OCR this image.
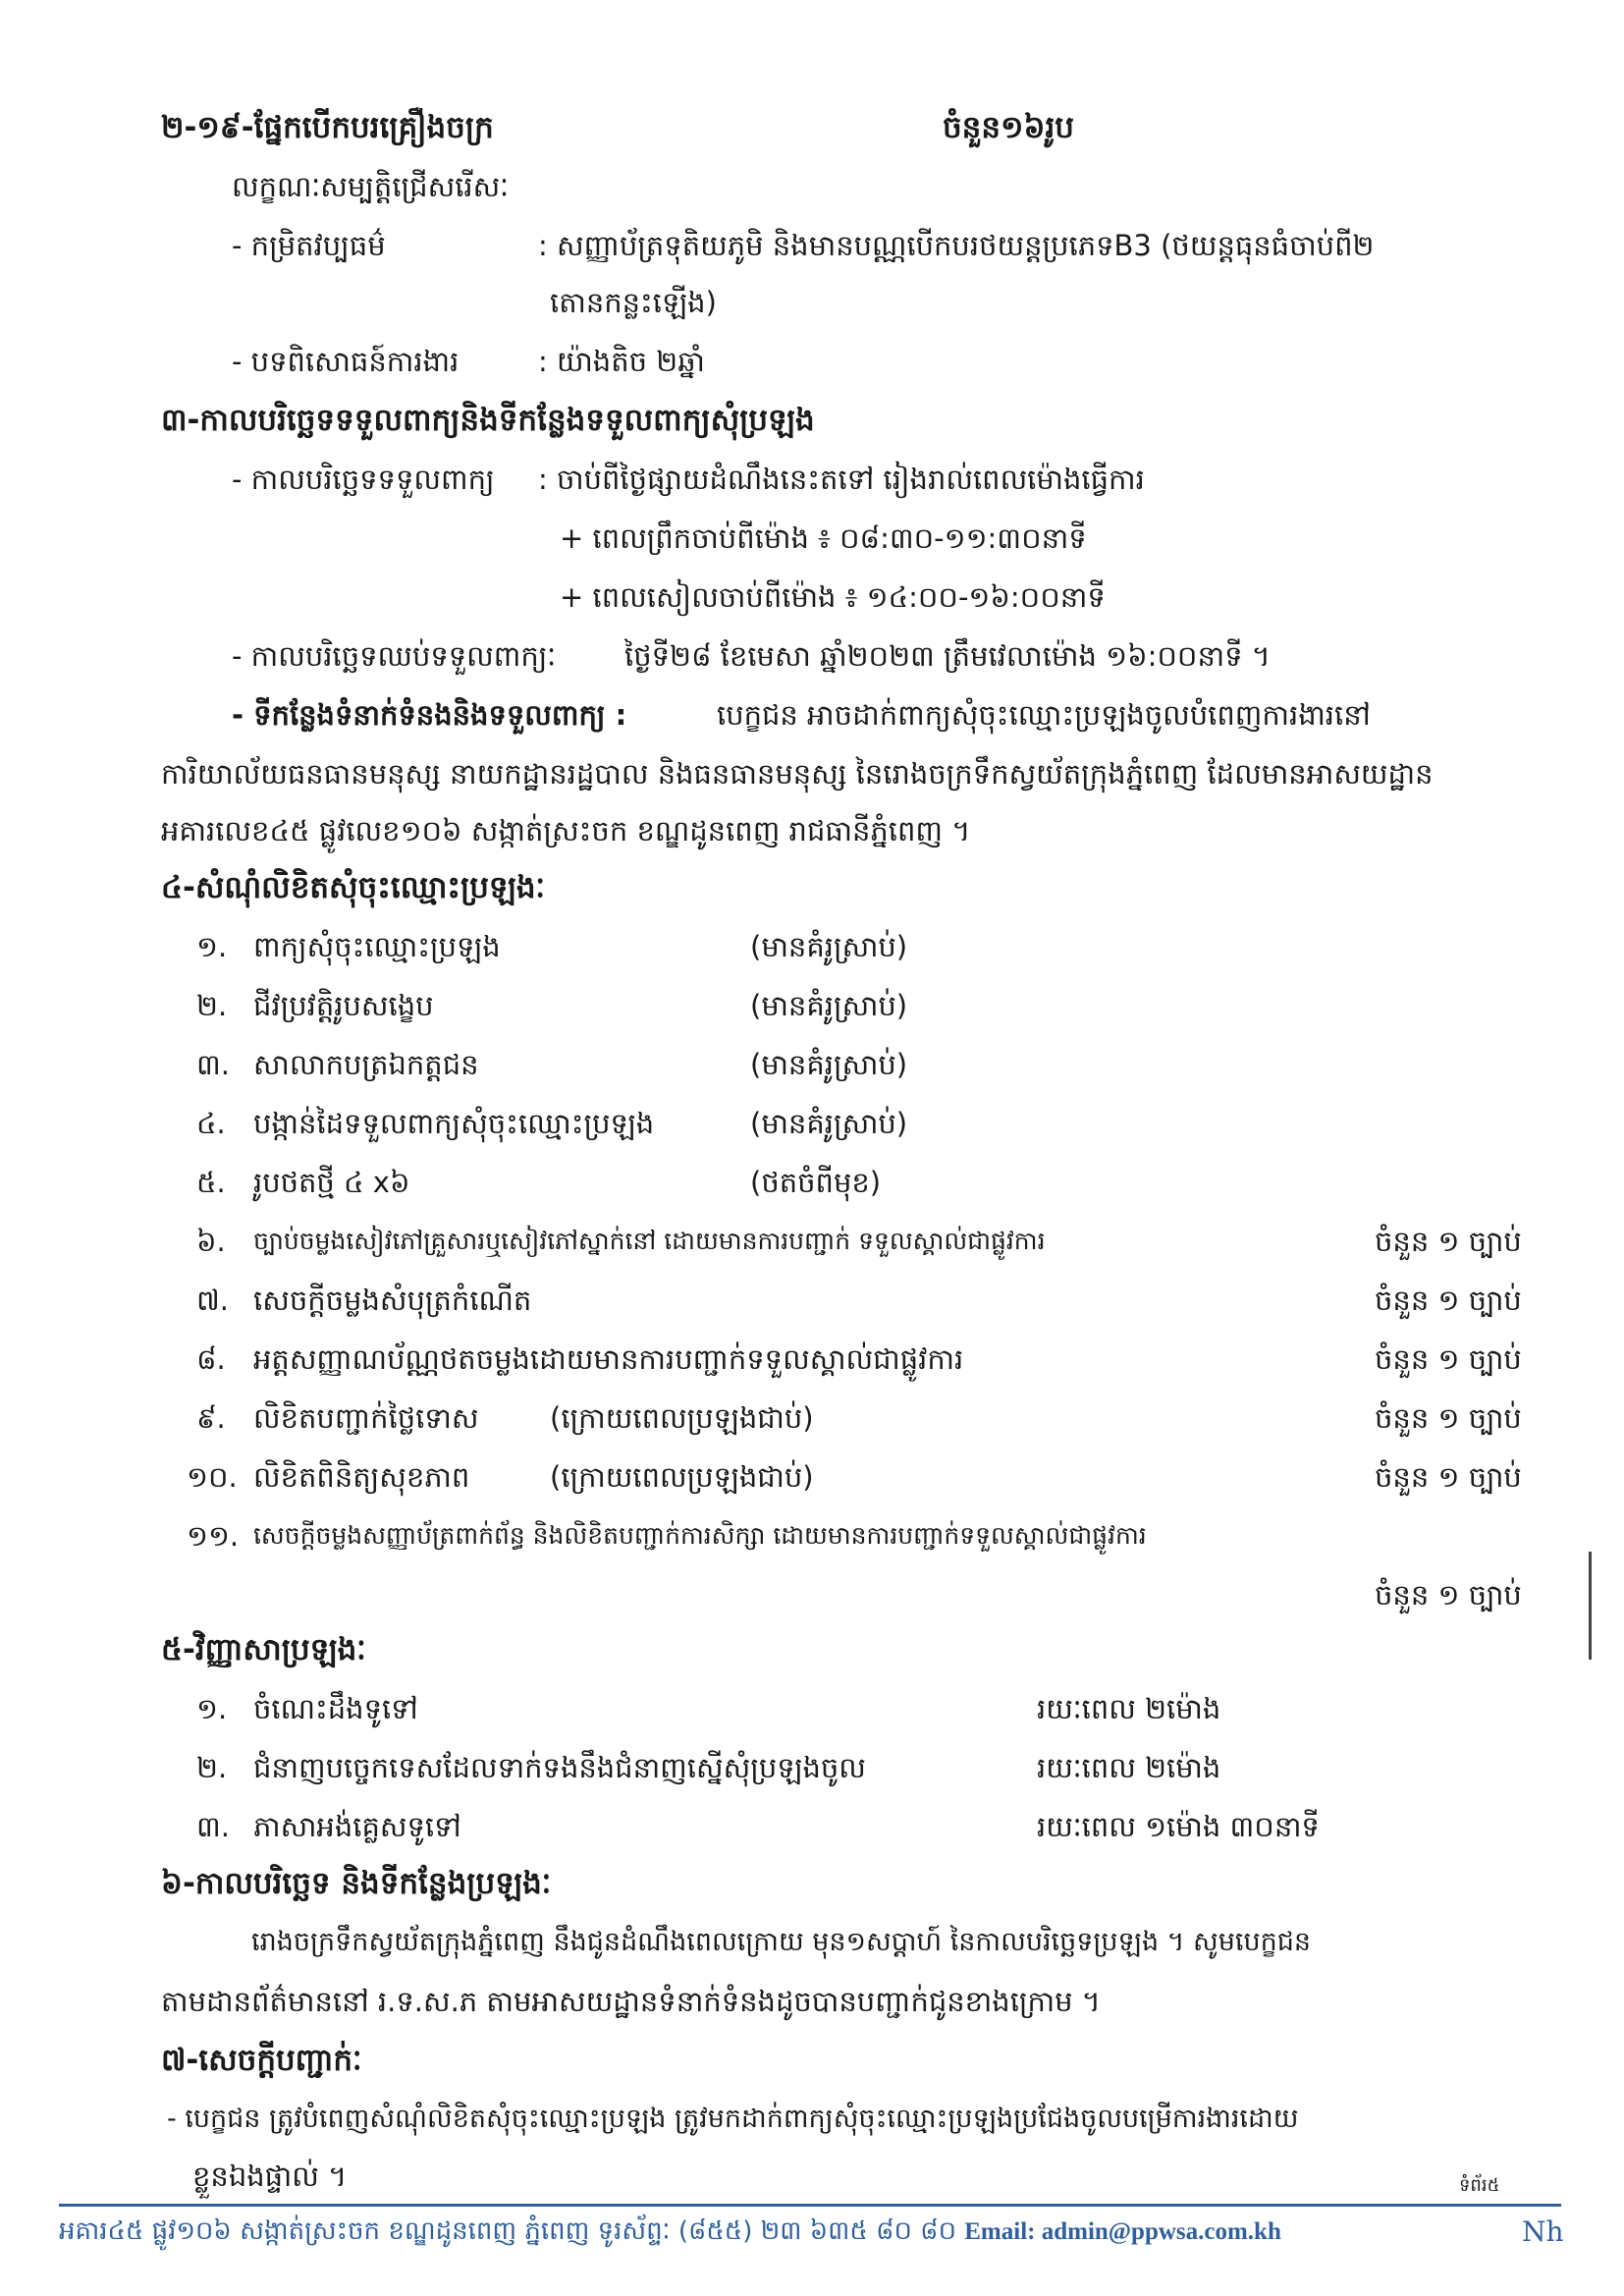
២-១៩-ផ្នែកបើកបរគ្រឿងចក្រ	ចំនួន១៦រូប
លក្ខណៈសម្បត្តិជ្រើសរើសៈ
- កម្រិតវប្បធម៌	: សញ្ញាប័ត្រទុតិយភូមិ និងមានបណ្ណបើកបរថយន្តប្រភេទB3 (ថយន្តធុនធំចាប់ពី២
តោនកន្លះឡើង)
- បទពិសោធន៍ការងារ	: យ៉ាងតិច ២ឆ្នាំ
៣-កាលបរិច្ឆេទទទួលពាក្យនិងទីកន្លែងទទួលពាក្យសុំប្រឡង
- កាលបរិច្ឆេទទទួលពាក្យ : ចាប់ពីថ្ងៃផ្សាយដំណឹងនេះតទៅ រៀងរាល់ពេលម៉ោងធ្វើការ
+ ពេលព្រឹកចាប់ពីម៉ោង ៖ ០៨:៣០-១១:៣០នាទី
+ ពេលសៀលចាប់ពីម៉ោង ៖ ១៤:០០-១៦:០០នាទី
- កាលបរិច្ឆេទឈប់ទទួលពាក្យៈ ថ្ងៃទី២៨ ខែមេសា ឆ្នាំ២០២៣ ត្រឹមវេលាម៉ោង ១៦:០០នាទី ។
- ទីកន្លែងទំនាក់ទំនងនិងទទួលពាក្យ :	បេក្ខជន អាចដាក់ពាក្យសុំចុះឈ្មោះប្រឡងចូលបំពេញការងារនៅ
ការិយាល័យធនធានមនុស្ស នាយកដ្ឋានរដ្ឋបាល និងធនធានមនុស្ស នៃរោងចក្រទឹកស្វយ័តក្រុងភ្នំពេញ ដែលមានអាសយដ្ឋាន
អគារលេខ៤៥ ផ្លូវលេខ១០៦ សង្កាត់ស្រះចក ខណ្ឌដូនពេញ រាជធានីភ្នំពេញ ។
៤-សំណុំលិខិតសុំចុះឈ្មោះប្រឡងៈ
១. ពាក្យសុំចុះឈ្មោះប្រឡង	(មានគំរូស្រាប់)
២. ជីវប្រវត្តិរូបសង្ខេប	(មានគំរូស្រាប់)
៣. សាលាកបត្រឯកត្តជន	(មានគំរូស្រាប់)
៤. បង្កាន់ដៃទទួលពាក្យសុំចុះឈ្មោះប្រឡង	(មានគំរូស្រាប់)
៥. រូបថតថ្មី ៤ x៦	(ថតចំពីមុខ)
៦. ច្បាប់ចម្លងសៀវភៅគ្រួសារឬសៀវភៅស្នាក់នៅ ដោយមានការបញ្ជាក់ ទទួលស្គាល់ជាផ្លូវការ	ចំនួន ១ ច្បាប់
៧. សេចក្តីចម្លងសំបុត្រកំណើត	ចំនួន ១ ច្បាប់
៨. អត្តសញ្ញាណប័ណ្ណថតចម្លងដោយមានការបញ្ជាក់ទទួលស្គាល់ជាផ្លូវការ	ចំនួន ១ ច្បាប់
៩. លិខិតបញ្ជាក់ថ្លៃទោស (ក្រោយពេលប្រឡងជាប់)	ចំនួន ១ ច្បាប់
១០. លិខិតពិនិត្យសុខភាព	(ក្រោយពេលប្រឡងជាប់)	ចំនួន ១ ច្បាប់
១១. សេចក្តីចម្លងសញ្ញាប័ត្រពាក់ព័ន្ធ និងលិខិតបញ្ជាក់ការសិក្សា ដោយមានការបញ្ជាក់ទទួលស្គាល់ជាផ្លូវការ
ចំនួន ១ ច្បាប់
៥-វិញ្ញាសាប្រឡងៈ
១. ចំណេះដឹងទូទៅ	រយៈពេល ២ម៉ោង
២. ជំនាញបច្ចេកទេសដែលទាក់ទងនឹងជំនាញស្នើសុំប្រឡងចូល	រយៈពេល ២ម៉ោង
៣. ភាសាអង់គ្លេសទូទៅ	រយៈពេល ១ម៉ោង ៣០នាទី
៦-កាលបរិច្ឆេទ និងទីកន្លែងប្រឡងៈ
រោងចក្រទឹកស្វយ័តក្រុងភ្នំពេញ នឹងជូនដំណឹងពេលក្រោយ មុន១សប្តាហ៍ នៃកាលបរិច្ឆេទប្រឡង ។ សូមបេក្ខជន
តាមដានព័ត៌មាននៅ រ.ទ.ស.ភ តាមអាសយដ្ឋានទំនាក់ទំនងដូចបានបញ្ជាក់ជូនខាងក្រោម ។
៧-សេចក្តីបញ្ជាក់ៈ
- បេក្ខជន ត្រូវបំពេញសំណុំលិខិតសុំចុះឈ្មោះប្រឡង ត្រូវមកដាក់ពាក្យសុំចុះឈ្មោះប្រឡងប្រជែងចូលបម្រើការងារដោយ
ខ្លួនឯងផ្ទាល់ ។	ទំព័រ៥
អគារ៤៥ ផ្លូវ១០៦ សង្កាត់ស្រះចក ខណ្ឌដូនពេញ ភ្នំពេញ ទូរស័ព្ទៈ (៨៥៥) ២៣ ៦៣៥ ៨០ ៨០ Email: admin@ppwsa.com.kh	Nh
